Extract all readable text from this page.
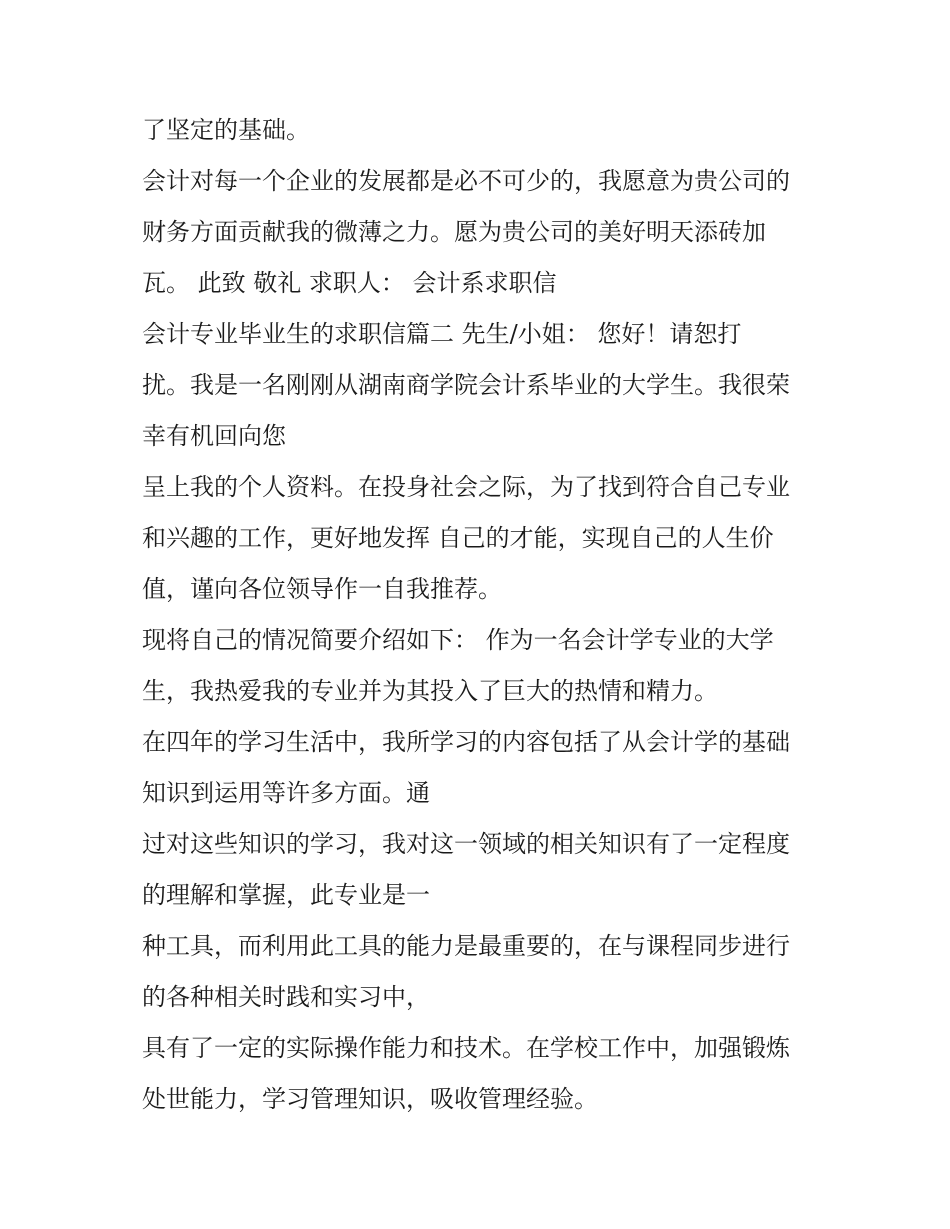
了坚定的基础。
会计对每一个企业的发展都是必不可少的，我愿意为贵公司的
财务方面贡献我的微薄之力。愿为贵公司的美好明天添砖加
瓦。 此致 敬礼 求职人： 会计系求职信
会计专业毕业生的求职信篇二 先生/小姐： 您好！请恕打
扰。我是一名刚刚从湖南商学院会计系毕业的大学生。我很荣
幸有机回向您
呈上我的个人资料。在投身社会之际，为了找到符合自己专业
和兴趣的工作，更好地发挥 自己的才能，实现自己的人生价
值，谨向各位领导作一自我推荐。
现将自己的情况简要介绍如下： 作为一名会计学专业的大学
生，我热爱我的专业并为其投入了巨大的热情和精力。
在四年的学习生活中，我所学习的内容包括了从会计学的基础
知识到运用等许多方面。通
过对这些知识的学习，我对这一领域的相关知识有了一定程度
的理解和掌握，此专业是一
种工具，而利用此工具的能力是最重要的，在与课程同步进行
的各种相关时践和实习中，
具有了一定的实际操作能力和技术。在学校工作中，加强锻炼
处世能力，学习管理知识，吸收管理经验。
